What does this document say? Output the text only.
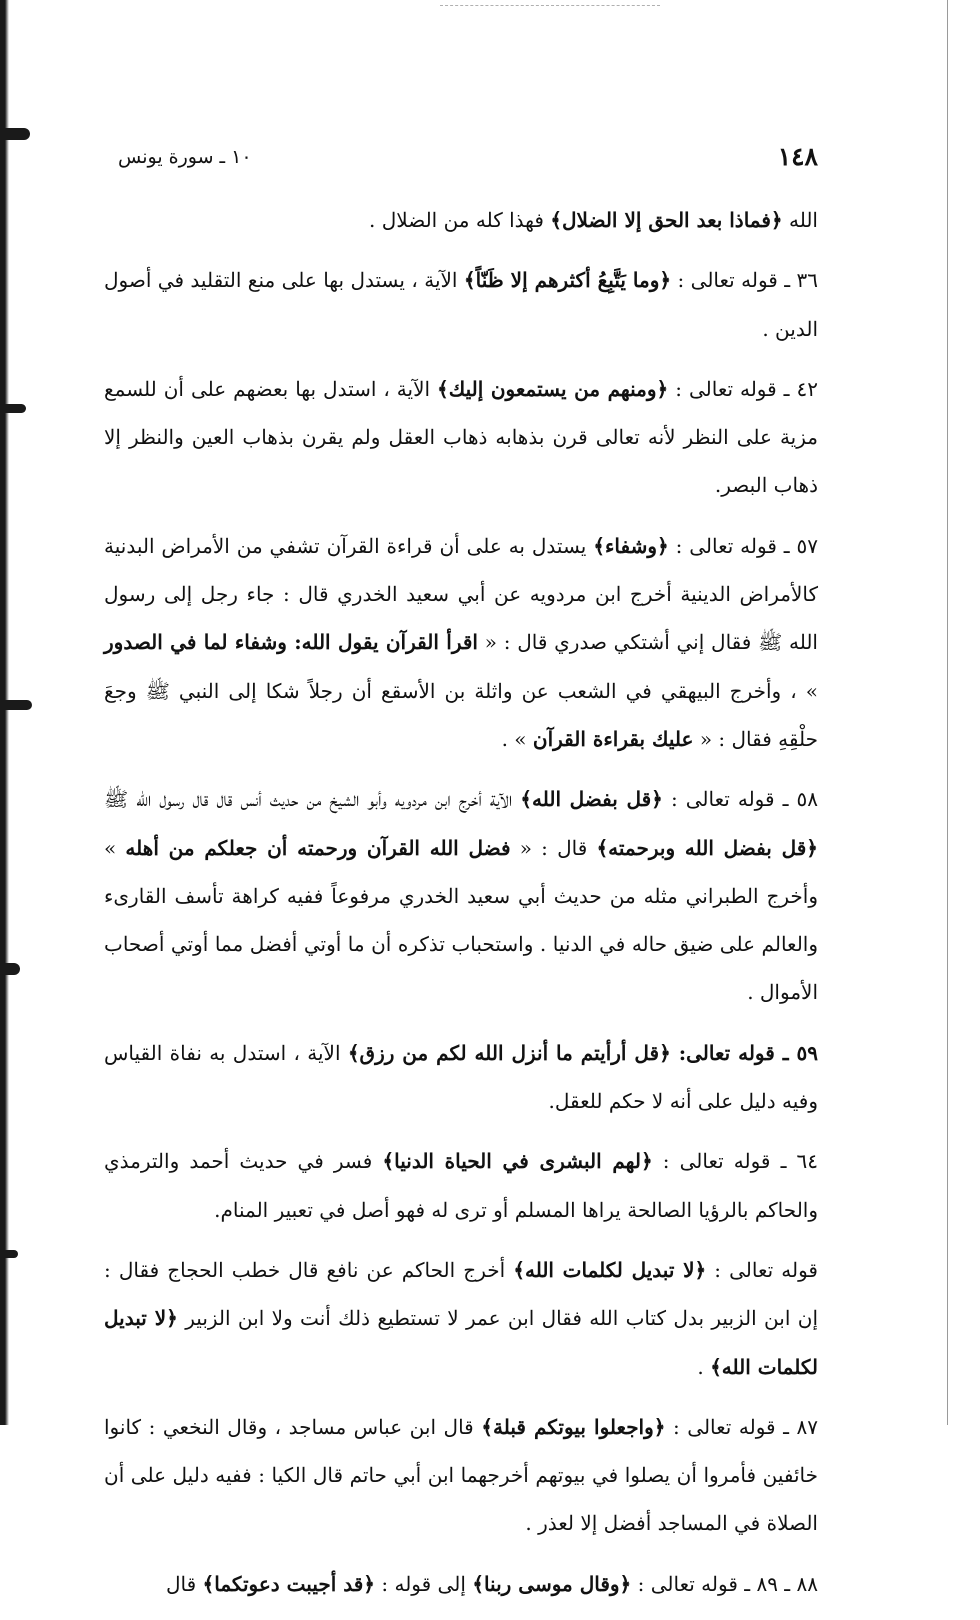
١٤٨
١٠ ـ سورة يونس

الله ﴿فماذا بعد الحق إلا الضلال﴾ فهذا كله من الضلال .

٣٦ ـ قوله تعالى : ﴿وما يَتَّبِعُ أكثرهم إلا ظَنّاً﴾ الآية ، يستدل بها على منع التقليد في أصول الدين .

٤٢ ـ قوله تعالى : ﴿ومنهم من يستمعون إليك﴾ الآية ، استدل بها بعضهم على أن للسمع مزية على النظر لأنه تعالى قرن بذهابه ذهاب العقل ولم يقرن بذهاب العين والنظر إلا ذهاب البصر.

٥٧ ـ قوله تعالى : ﴿وشفاء﴾ يستدل به على أن قراءة القرآن تشفي من الأمراض البدنية كالأمراض الدينية أخرج ابن مردويه عن أبي سعيد الخدري قال : جاء رجل إلى رسول الله ﷺ فقال إني أشتكي صدري قال : « اقرأ القرآن يقول الله: وشفاء لما في الصدور » ، وأخرج البيهقي في الشعب عن واثلة بن الأسقع أن رجلاً شكا إلى النبي ﷺ وجعَ حلْقِهِ فقال : « عليك بقراءة القرآن » .

٥٨ ـ قوله تعالى : ﴿قل بفضل الله﴾ الآية أخرج ابن مردويه وأبو الشيخ من حديث أنس قال قال رسول الله ﷺ ﴿قل بفضل الله وبرحمته﴾ قال : « فضل الله القرآن ورحمته أن جعلكم من أهله » وأخرج الطبراني مثله من حديث أبي سعيد الخدري مرفوعاً ففيه كراهة تأسف القارىء والعالم على ضيق حاله في الدنيا . واستحباب تذكره أن ما أوتي أفضل مما أوتي أصحاب الأموال .

٥٩ ـ قوله تعالى: ﴿قل أرأيتم ما أنزل الله لكم من رزق﴾ الآية ، استدل به نفاة القياس وفيه دليل على أنه لا حكم للعقل.

٦٤ ـ قوله تعالى : ﴿لهم البشرى في الحياة الدنيا﴾ فسر في حديث أحمد والترمذي والحاكم بالرؤيا الصالحة يراها المسلم أو ترى له فهو أصل في تعبير المنام.

قوله تعالى : ﴿لا تبديل لكلمات الله﴾ أخرج الحاكم عن نافع قال خطب الحجاج فقال : إن ابن الزبير بدل كتاب الله فقال ابن عمر لا تستطيع ذلك أنت ولا ابن الزبير ﴿لا تبديل لكلمات الله﴾ .

٨٧ ـ قوله تعالى : ﴿واجعلوا بيوتكم قبلة﴾ قال ابن عباس مساجد ، وقال النخعي : كانوا خائفين فأمروا أن يصلوا في بيوتهم أخرجهما ابن أبي حاتم قال الكيا : ففيه دليل على أن الصلاة في المساجد أفضل إلا لعذر .

٨٨ ـ ٨٩ ـ قوله تعالى : ﴿وقال موسى ربنا﴾ إلى قوله : ﴿قد أجيبت دعوتكما﴾ قال
